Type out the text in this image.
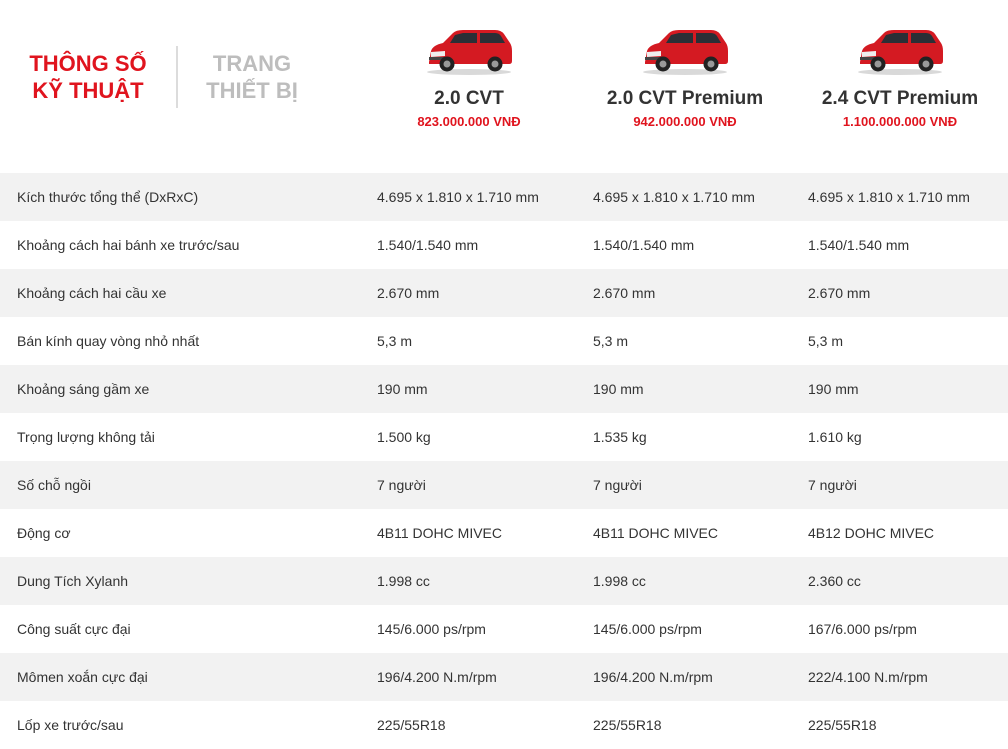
THÔNG SỐ
KỸ THUẬT
TRANG
THIẾT BỊ	2.0 CVT
823.000.000 VNĐ
2.0 CVT Premium
942.000.000 VNĐ
2.4 CVT Premium
1.100.000.000 VNĐ
Kích thước tổng thể (DxRxC)	4.695 x 1.810 x 1.710 mm	4.695 x 1.810 x 1.710 mm	4.695 x 1.810 x 1.710 mm
Khoảng cách hai bánh xe trước/sau	1.540/1.540 mm	1.540/1.540 mm	1.540/1.540 mm
Khoảng cách hai cầu xe	2.670 mm	2.670 mm	2.670 mm
Bán kính quay vòng nhỏ nhất	5,3 m	5,3 m	5,3 m
Khoảng sáng gầm xe	190 mm	190 mm	190 mm
Trọng lượng không tải	1.500 kg	1.535 kg	1.610 kg
Số chỗ ngồi	7 người	7 người	7 người
Động cơ	4B11 DOHC MIVEC	4B11 DOHC MIVEC	4B12 DOHC MIVEC
Dung Tích Xylanh	1.998 cc	1.998 cc	2.360 cc
Công suất cực đại	145/6.000 ps/rpm	145/6.000 ps/rpm	167/6.000 ps/rpm
Mômen xoắn cực đại	196/4.200 N.m/rpm	196/4.200 N.m/rpm	222/4.100 N.m/rpm
Lốp xe trước/sau	225/55R18	225/55R18	225/55R18
